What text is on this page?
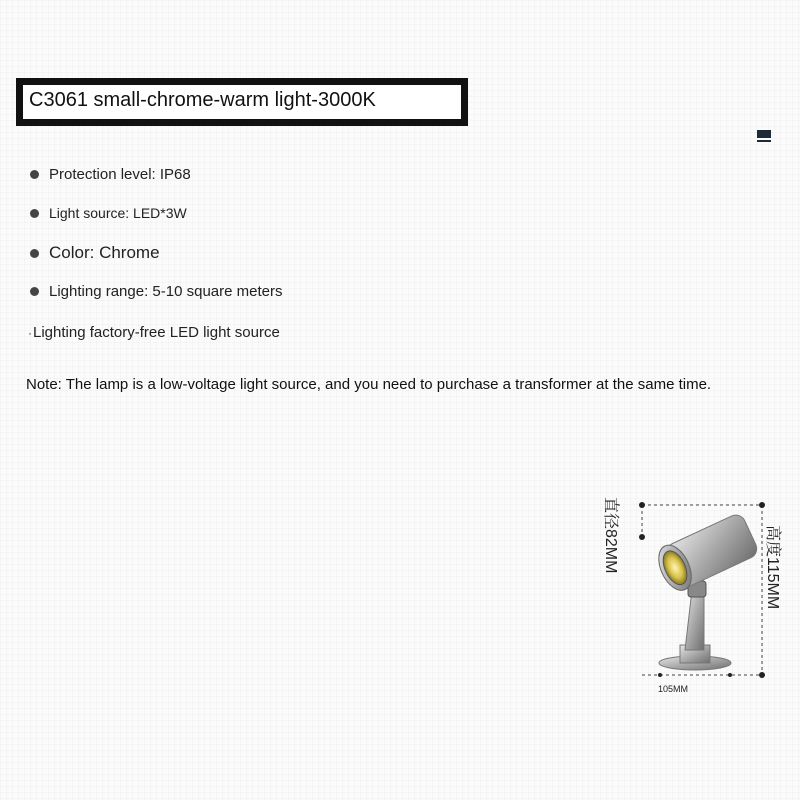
C3061 small-chrome-warm light-3000K
Protection level: IP68
Light source: LED*3W
Color: Chrome
Lighting range: 5-10 square meters
· Lighting factory-free LED light source
Note: The lamp is a low-voltage light source, and you need to purchase a transformer at the same time.
直径82MM	高度115MM
105MM
